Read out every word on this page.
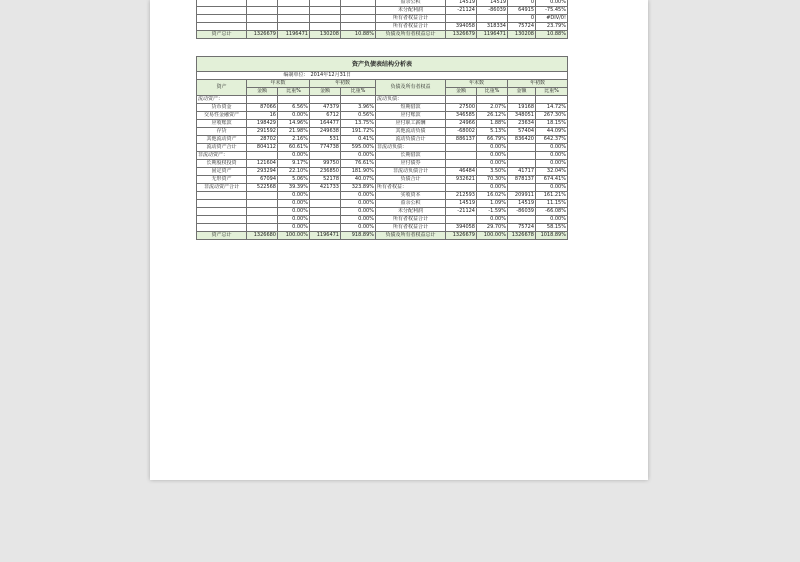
					盈余公积	14519	14519	0	0.00%
					未分配利润	-21124	-86039	64915	-75.45%
					所有者权益合计			0	#DIV/0!
					所有者权益合计	394058	318334	75724	23.79%
资产总计	1326679	1196471	130208	10.88%	负债及所有者权益总计	1326679	1196471	130208	10.88%
资产负债表结构分析表									
编制单位：			2014年12月31日						
资产	年末数		年初数		负债及所有者权益	年末数		年初数	
	金额	比重%	金额	比重%		金额	比重%	金额	比重%
流动资产：					流动负债：				
货币资金	87066	6.56%	47379	3.96%	短期借款	27500	2.07%	19168	14.72%
交易性金融资产	16	0.00%	6712	0.56%	应付账款	346585	26.12%	348051	267.30%
应收账款	198429	14.96%	164477	13.75%	应付职工薪酬	24966	1.88%	23634	18.15%
存货	291592	21.98%	249638	191.72%	其他流动负债	-68002	5.13%	57404	44.09%
其他流动资产	28702	2.16%	531	0.41%	流动负债合计	886137	66.79%	836420	642.37%
流动资产合计	804112	60.61%	774738	595.00%	非流动负债：		0.00%		0.00%
非流动资产：		0.00%		0.00%	长期借款		0.00%		0.00%
长期股权投资	121604	9.17%	99750	76.61%	应付债券		0.00%		0.00%
固定资产	293294	22.10%	236850	181.90%	非流动负债合计	46484	3.50%	41717	32.04%
无形资产	67094	5.06%	52178	40.07%	负债合计	932621	70.30%	878137	674.41%
非流动资产合计	522568	39.39%	421733	323.89%	所有者权益：		0.00%		0.00%
		0.00%		0.00%	实收资本	212593	16.02%	209911	161.21%
		0.00%		0.00%	盈余公积	14519	1.09%	14519	11.15%
		0.00%		0.00%	未分配利润	-21124	-1.59%	-86039	-66.08%
		0.00%		0.00%	所有者权益合计		0.00%		0.00%
		0.00%		0.00%	所有者权益合计	394058	29.70%	75724	58.15%
资产总计	1326680	100.00%	1196471	918.89%	负债及所有者权益总计	1326679	100.00%	1326678	1018.89%
